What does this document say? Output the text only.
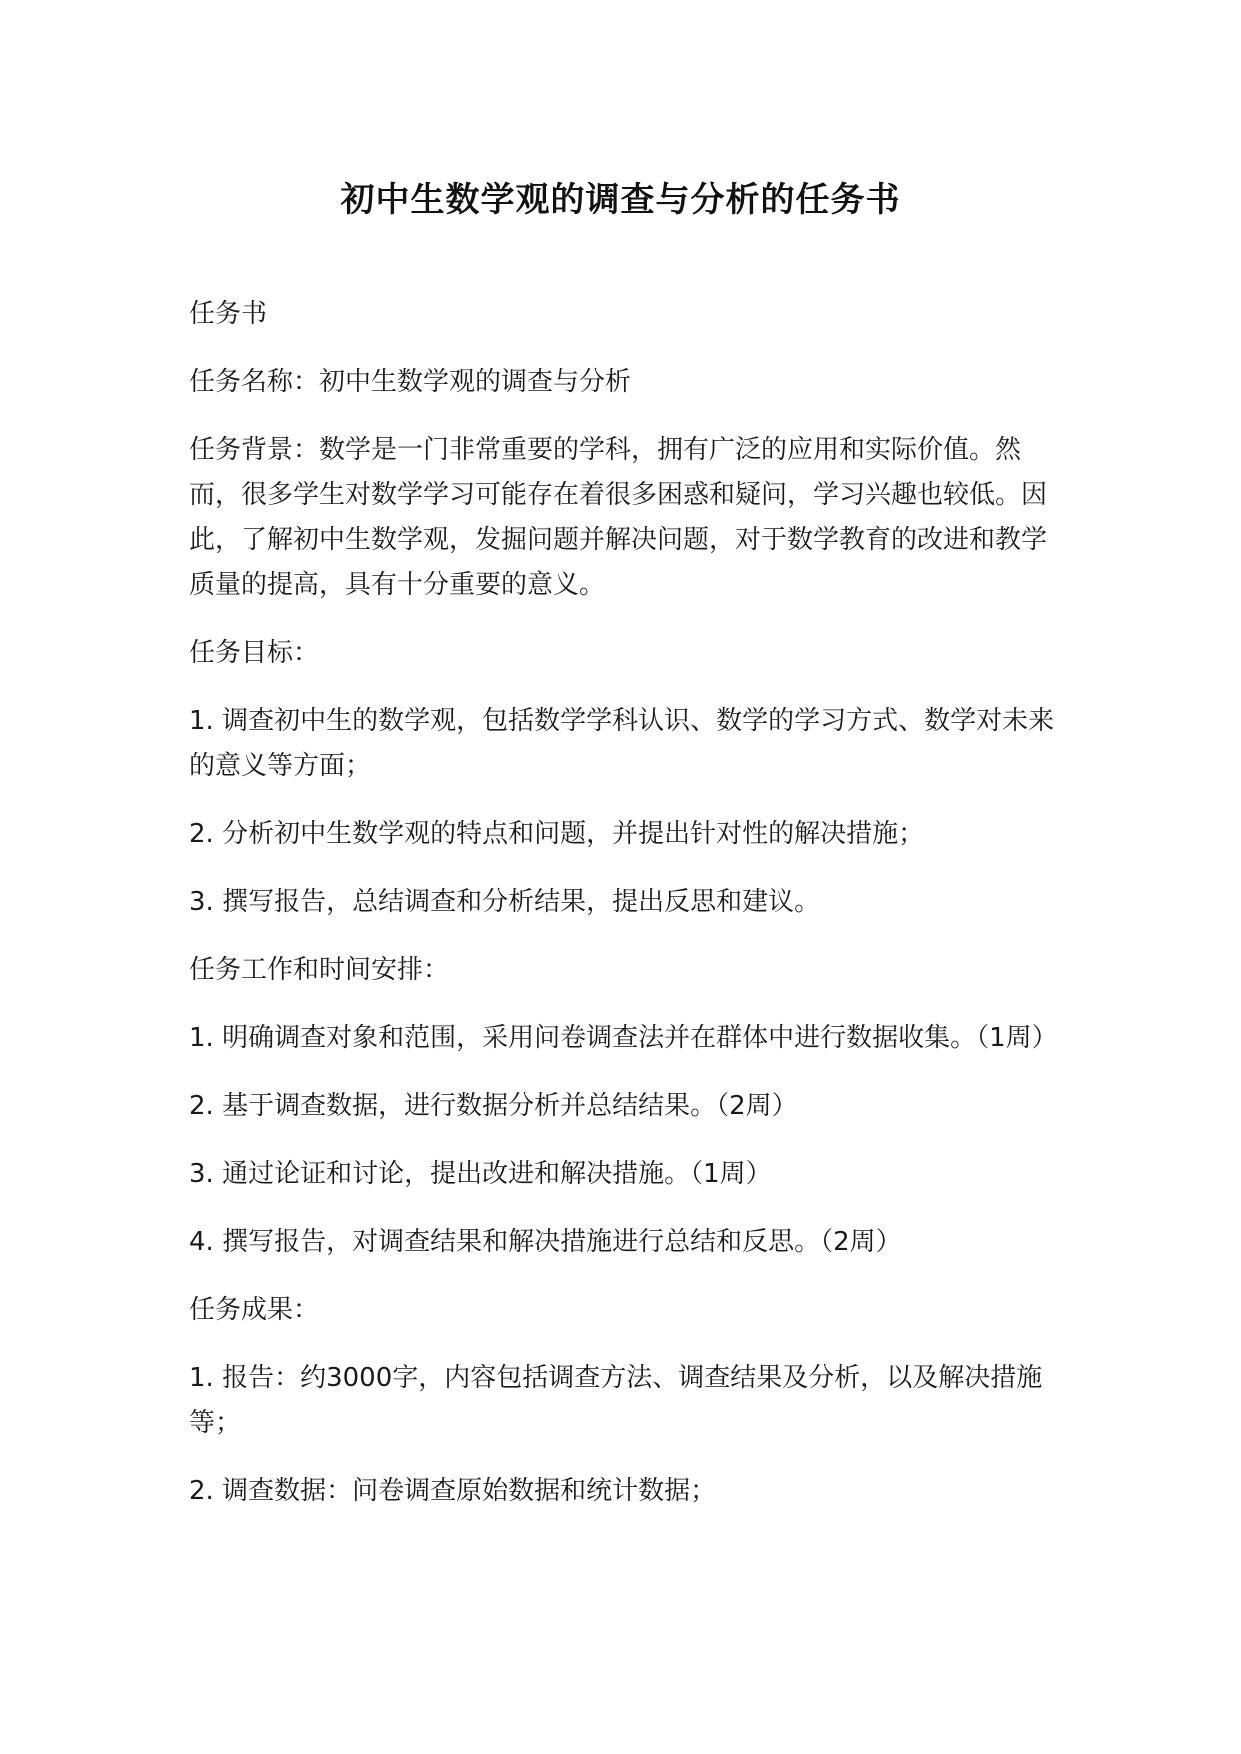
初中生数学观的调查与分析的任务书

任务书

任务名称：初中生数学观的调查与分析

任务背景：数学是一门非常重要的学科，拥有广泛的应用和实际价值。然而，很多学生对数学学习可能存在着很多困惑和疑问，学习兴趣也较低。因此，了解初中生数学观，发掘问题并解决问题，对于数学教育的改进和教学质量的提高，具有十分重要的意义。

任务目标：

1. 调查初中生的数学观，包括数学学科认识、数学的学习方式、数学对未来的意义等方面；

2. 分析初中生数学观的特点和问题，并提出针对性的解决措施；

3. 撰写报告，总结调查和分析结果，提出反思和建议。

任务工作和时间安排：

1. 明确调查对象和范围，采用问卷调查法并在群体中进行数据收集。（1周）

2. 基于调查数据，进行数据分析并总结结果。（2周）

3. 通过论证和讨论，提出改进和解决措施。（1周）

4. 撰写报告，对调查结果和解决措施进行总结和反思。（2周）

任务成果：

1. 报告：约3000字，内容包括调查方法、调查结果及分析，以及解决措施等；

2. 调查数据：问卷调查原始数据和统计数据；
